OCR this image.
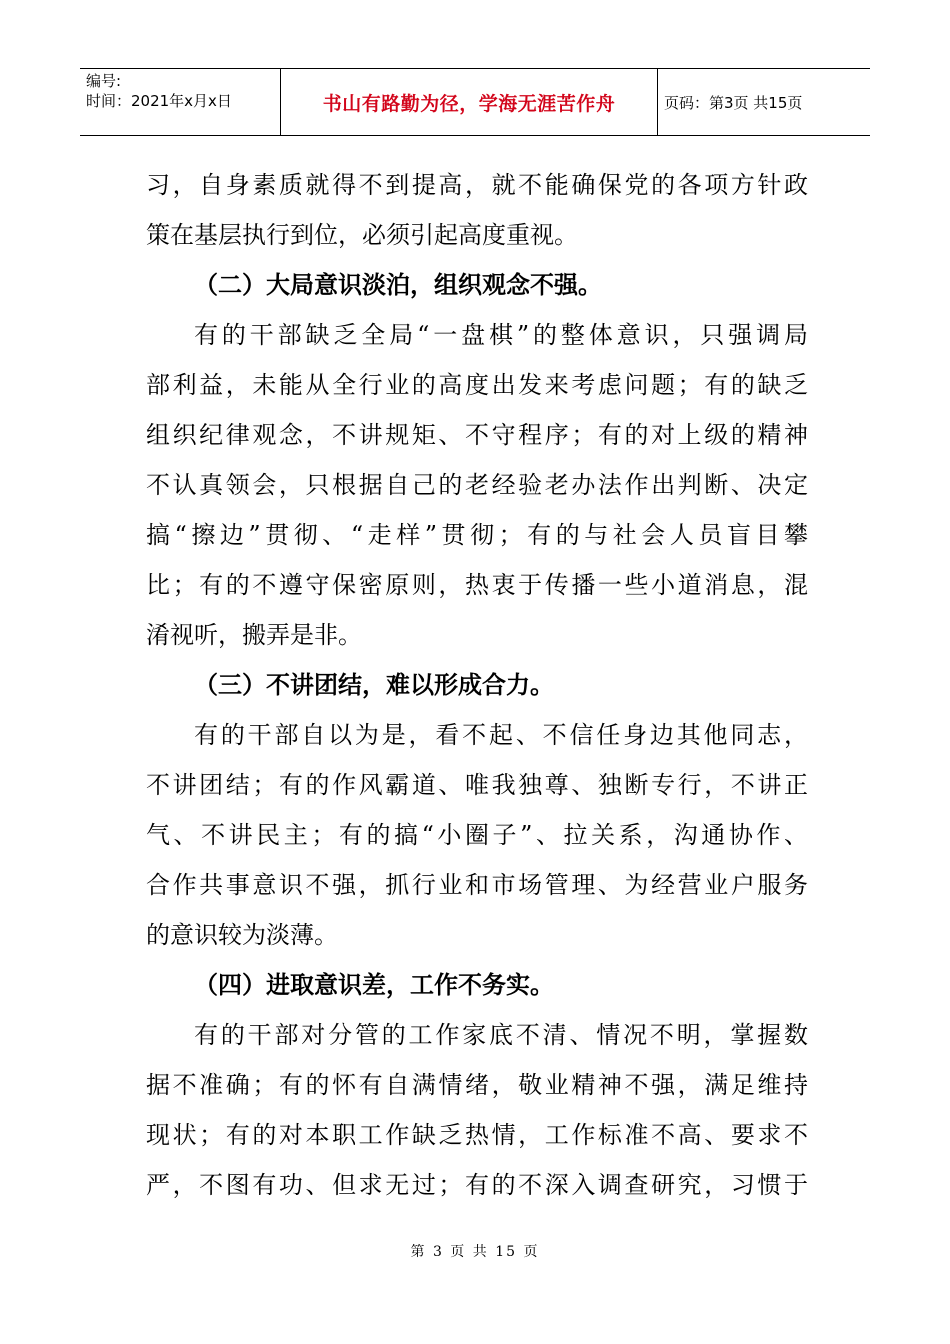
编号:
时间：2021年x月x日	书山有路勤为径，学海无涯苦作舟	页码：第3页 共15页
习，自身素质就得不到提高，就不能确保党的各项方针政
策在基层执行到位，必须引起高度重视。
（二）大局意识淡泊，组织观念不强。
有的干部缺乏全局“一盘棋”的整体意识，只强调局
部利益，未能从全行业的高度出发来考虑问题；有的缺乏
组织纪律观念，不讲规矩、不守程序；有的对上级的精神
不认真领会，只根据自己的老经验老办法作出判断、决定
搞“擦边”贯彻、“走样”贯彻；有的与社会人员盲目攀
比；有的不遵守保密原则，热衷于传播一些小道消息，混
淆视听，搬弄是非。
（三）不讲团结，难以形成合力。
有的干部自以为是，看不起、不信任身边其他同志，
不讲团结；有的作风霸道、唯我独尊、独断专行，不讲正
气、不讲民主；有的搞“小圈子”、拉关系，沟通协作、
合作共事意识不强，抓行业和市场管理、为经营业户服务
的意识较为淡薄。
（四）进取意识差，工作不务实。
有的干部对分管的工作家底不清、情况不明，掌握数
据不准确；有的怀有自满情绪，敬业精神不强，满足维持
现状；有的对本职工作缺乏热情，工作标准不高、要求不
严，不图有功、但求无过；有的不深入调查研究，习惯于
第 3 页 共 15 页
